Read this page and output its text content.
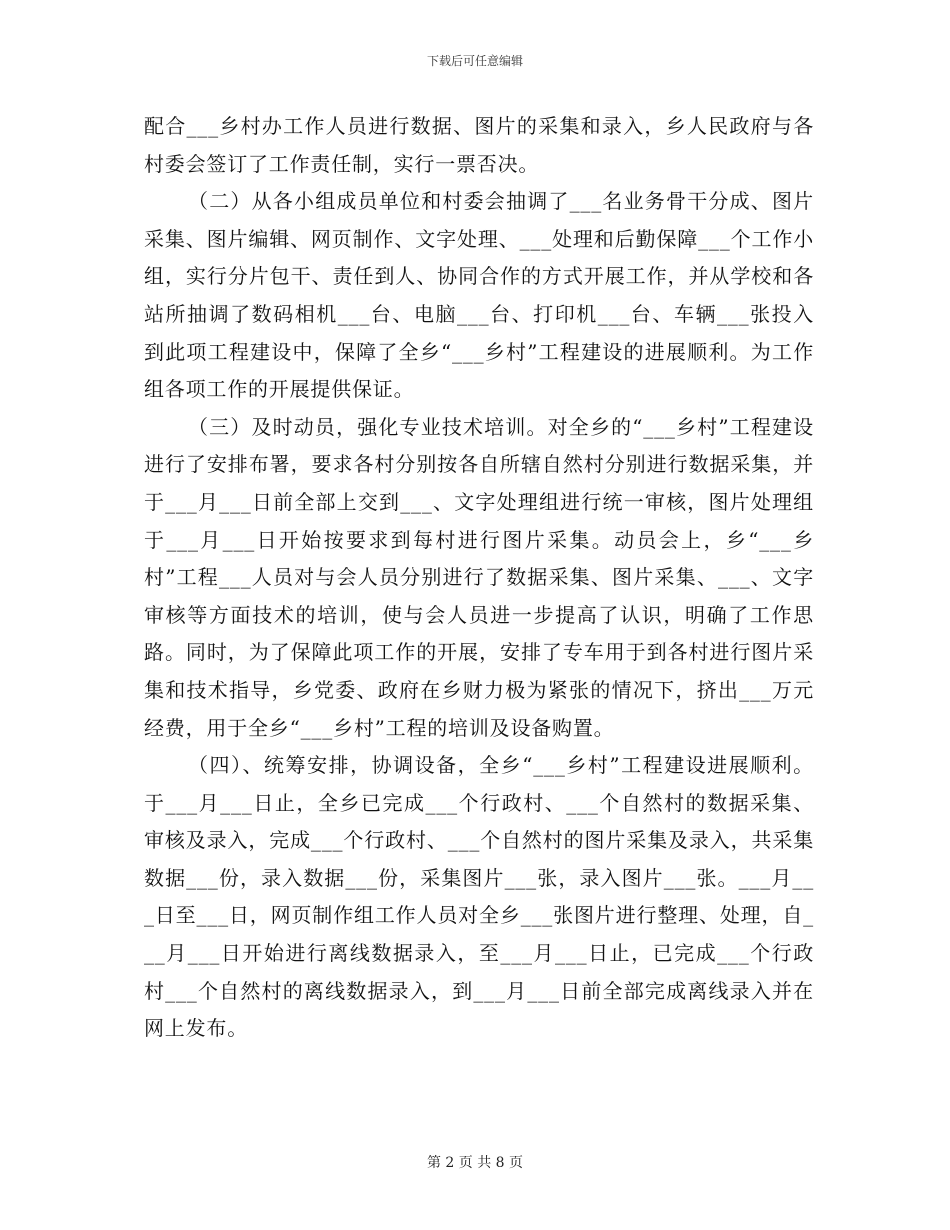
下载后可任意编辑

配合___乡村办工作人员进行数据、图片的采集和录入，乡人民政府与各村委会签订了工作责任制，实行一票否决。

（二）从各小组成员单位和村委会抽调了___名业务骨干分成、图片采集、图片编辑、网页制作、文字处理、___处理和后勤保障___个工作小组，实行分片包干、责任到人、协同合作的方式开展工作，并从学校和各站所抽调了数码相机___台、电脑___台、打印机___台、车辆___张投入到此项工程建设中，保障了全乡“___乡村”工程建设的进展顺利。为工作组各项工作的开展提供保证。

（三）及时动员，强化专业技术培训。对全乡的“___乡村”工程建设进行了安排布署，要求各村分别按各自所辖自然村分别进行数据采集，并于___月___日前全部上交到___、文字处理组进行统一审核，图片处理组于___月___日开始按要求到每村进行图片采集。动员会上，乡“___乡村”工程___人员对与会人员分别进行了数据采集、图片采集、___、文字审核等方面技术的培训，使与会人员进一步提高了认识，明确了工作思路。同时，为了保障此项工作的开展，安排了专车用于到各村进行图片采集和技术指导，乡党委、政府在乡财力极为紧张的情况下，挤出___万元经费，用于全乡“___乡村”工程的培训及设备购置。

（四）、统筹安排，协调设备，全乡“___乡村”工程建设进展顺利。于___月___日止，全乡已完成___个行政村、___个自然村的数据采集、审核及录入，完成___个行政村、___个自然村的图片采集及录入，共采集数据___份，录入数据___份，采集图片___张，录入图片___张。___月___日至___日，网页制作组工作人员对全乡___张图片进行整理、处理，自___月___日开始进行离线数据录入，至___月___日止，已完成___个行政村___个自然村的离线数据录入，到___月___日前全部完成离线录入并在网上发布。

第 2 页 共 8 页
